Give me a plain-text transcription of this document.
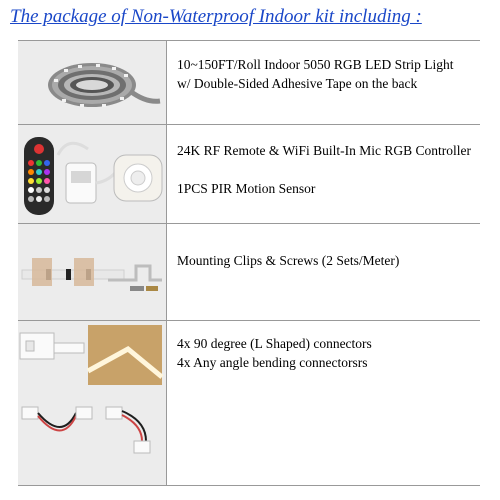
The package of Non-Waterproof Indoor kit including :

10~150FT/Roll Indoor 5050 RGB LED Strip Light

w/ Double-Sided Adhesive Tape on the back

24K RF Remote & WiFi Built-In Mic RGB Controller

1PCS PIR Motion Sensor

Mounting Clips & Screws (2 Sets/Meter)

4x 90 degree (L Shaped) connectors

4x Any angle bending connectorsrs
